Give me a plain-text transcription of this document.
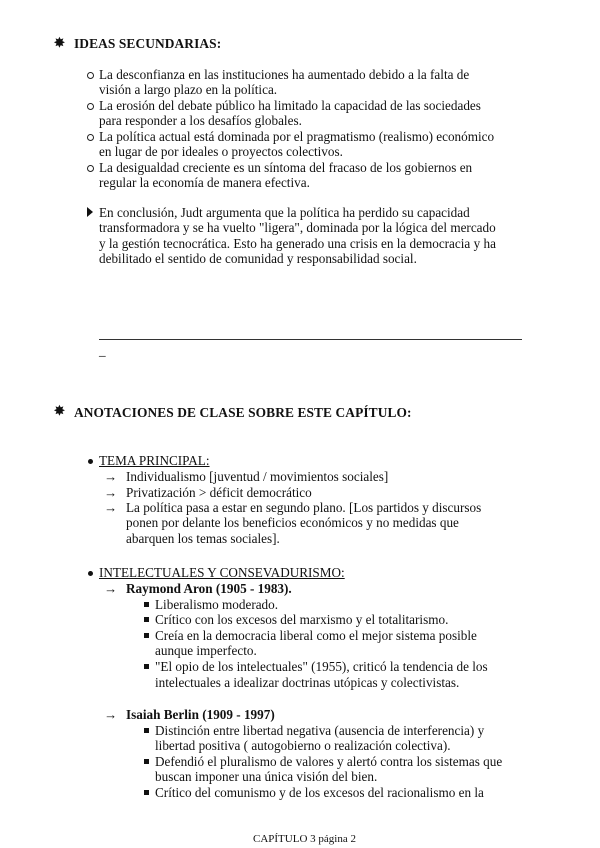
✸ IDEAS SECUNDARIAS:
La desconfianza en las instituciones ha aumentado debido a la falta de
visión a largo plazo en la política.
La erosión del debate público ha limitado la capacidad de las sociedades
para responder a los desafíos globales.
La política actual está dominada por el pragmatismo (realismo) económico
en lugar de por ideales o proyectos colectivos.
La desigualdad creciente es un síntoma del fracaso de los gobiernos en
regular la economía de manera efectiva.
En conclusión, Judt argumenta que la política ha perdido su capacidad
transformadora y se ha vuelto "ligera", dominada por la lógica del mercado
y la gestión tecnocrática. Esto ha generado una crisis en la democracia y ha
debilitado el sentido de comunidad y responsabilidad social.
_
✸ ANOTACIONES DE CLASE SOBRE ESTE CAPÍTULO:
TEMA PRINCIPAL:
→ Individualismo [juventud / movimientos sociales]
→ Privatización > déficit democrático
→ La política pasa a estar en segundo plano. [Los partidos y discursos
ponen por delante los beneficios económicos y no medidas que
abarquen los temas sociales].
INTELECTUALES Y CONSEVADURISMO:
→ Raymond Aron (1905 - 1983).
Liberalismo moderado.
Crítico con los excesos del marxismo y el totalitarismo.
Creía en la democracia liberal como el mejor sistema posible
aunque imperfecto.
"El opio de los intelectuales" (1955), criticó la tendencia de los
intelectuales a idealizar doctrinas utópicas y colectivistas.
→ Isaiah Berlin (1909 - 1997)
Distinción entre libertad negativa (ausencia de interferencia) y
libertad positiva ( autogobierno o realización colectiva).
Defendió el pluralismo de valores y alertó contra los sistemas que
buscan imponer una única visión del bien.
Crítico del comunismo y de los excesos del racionalismo en la
CAPÍTULO 3 página 2
